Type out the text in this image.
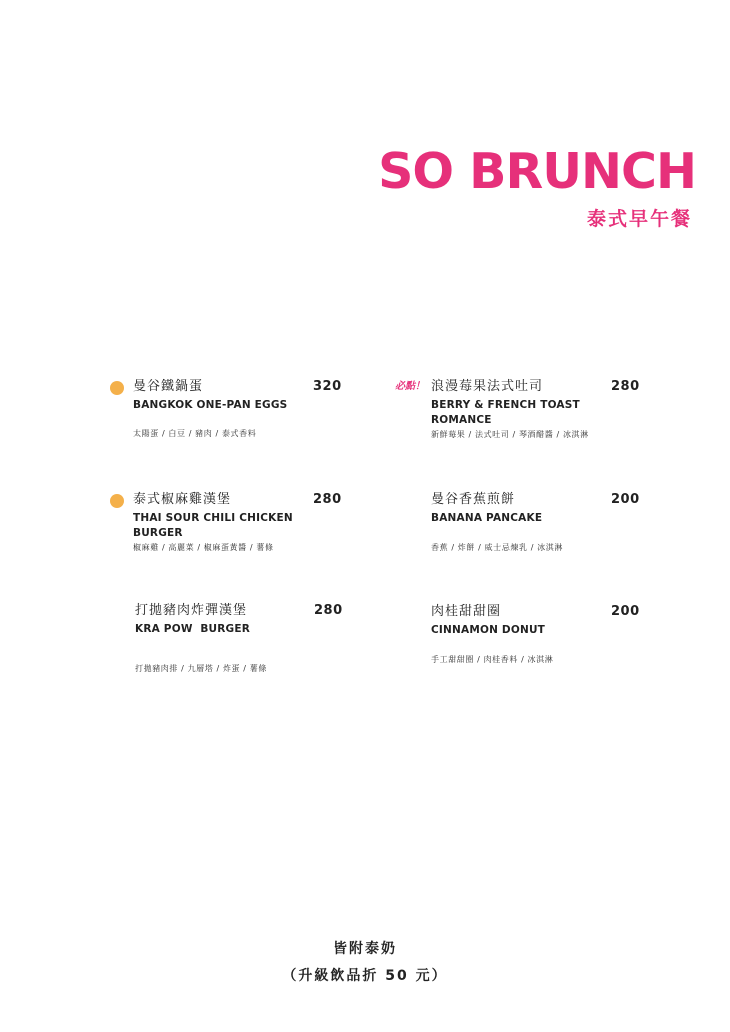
SO BRUNCH
泰式早午餐
曼谷鐵鍋蛋	320
BANGKOK ONE-PAN EGGS
太陽蛋 / 白豆 / 豬肉 / 泰式香料
必點！ 浪漫莓果法式吐司	280
BERRY & FRENCH TOAST ROMANCE
新鮮莓果 / 法式吐司 / 琴酒醋醬 / 冰淇淋
泰式椒麻雞漢堡	280
THAI SOUR CHILI CHICKEN BURGER
椒麻雞 / 高麗菜 / 椒麻蛋黃醬 / 薯條
曼谷香蕉煎餅	200
BANANA PANCAKE
香蕉 / 炸餅 / 威士忌煉乳 / 冰淇淋
打拋豬肉炸彈漢堡	280
KRA POW  BURGER
打拋豬肉排 / 九層塔 / 炸蛋 / 薯條
肉桂甜甜圈	200
CINNAMON DONUT
手工甜甜圈 / 肉桂香料 / 冰淇淋
皆附泰奶
（升級飲品折 50 元）
